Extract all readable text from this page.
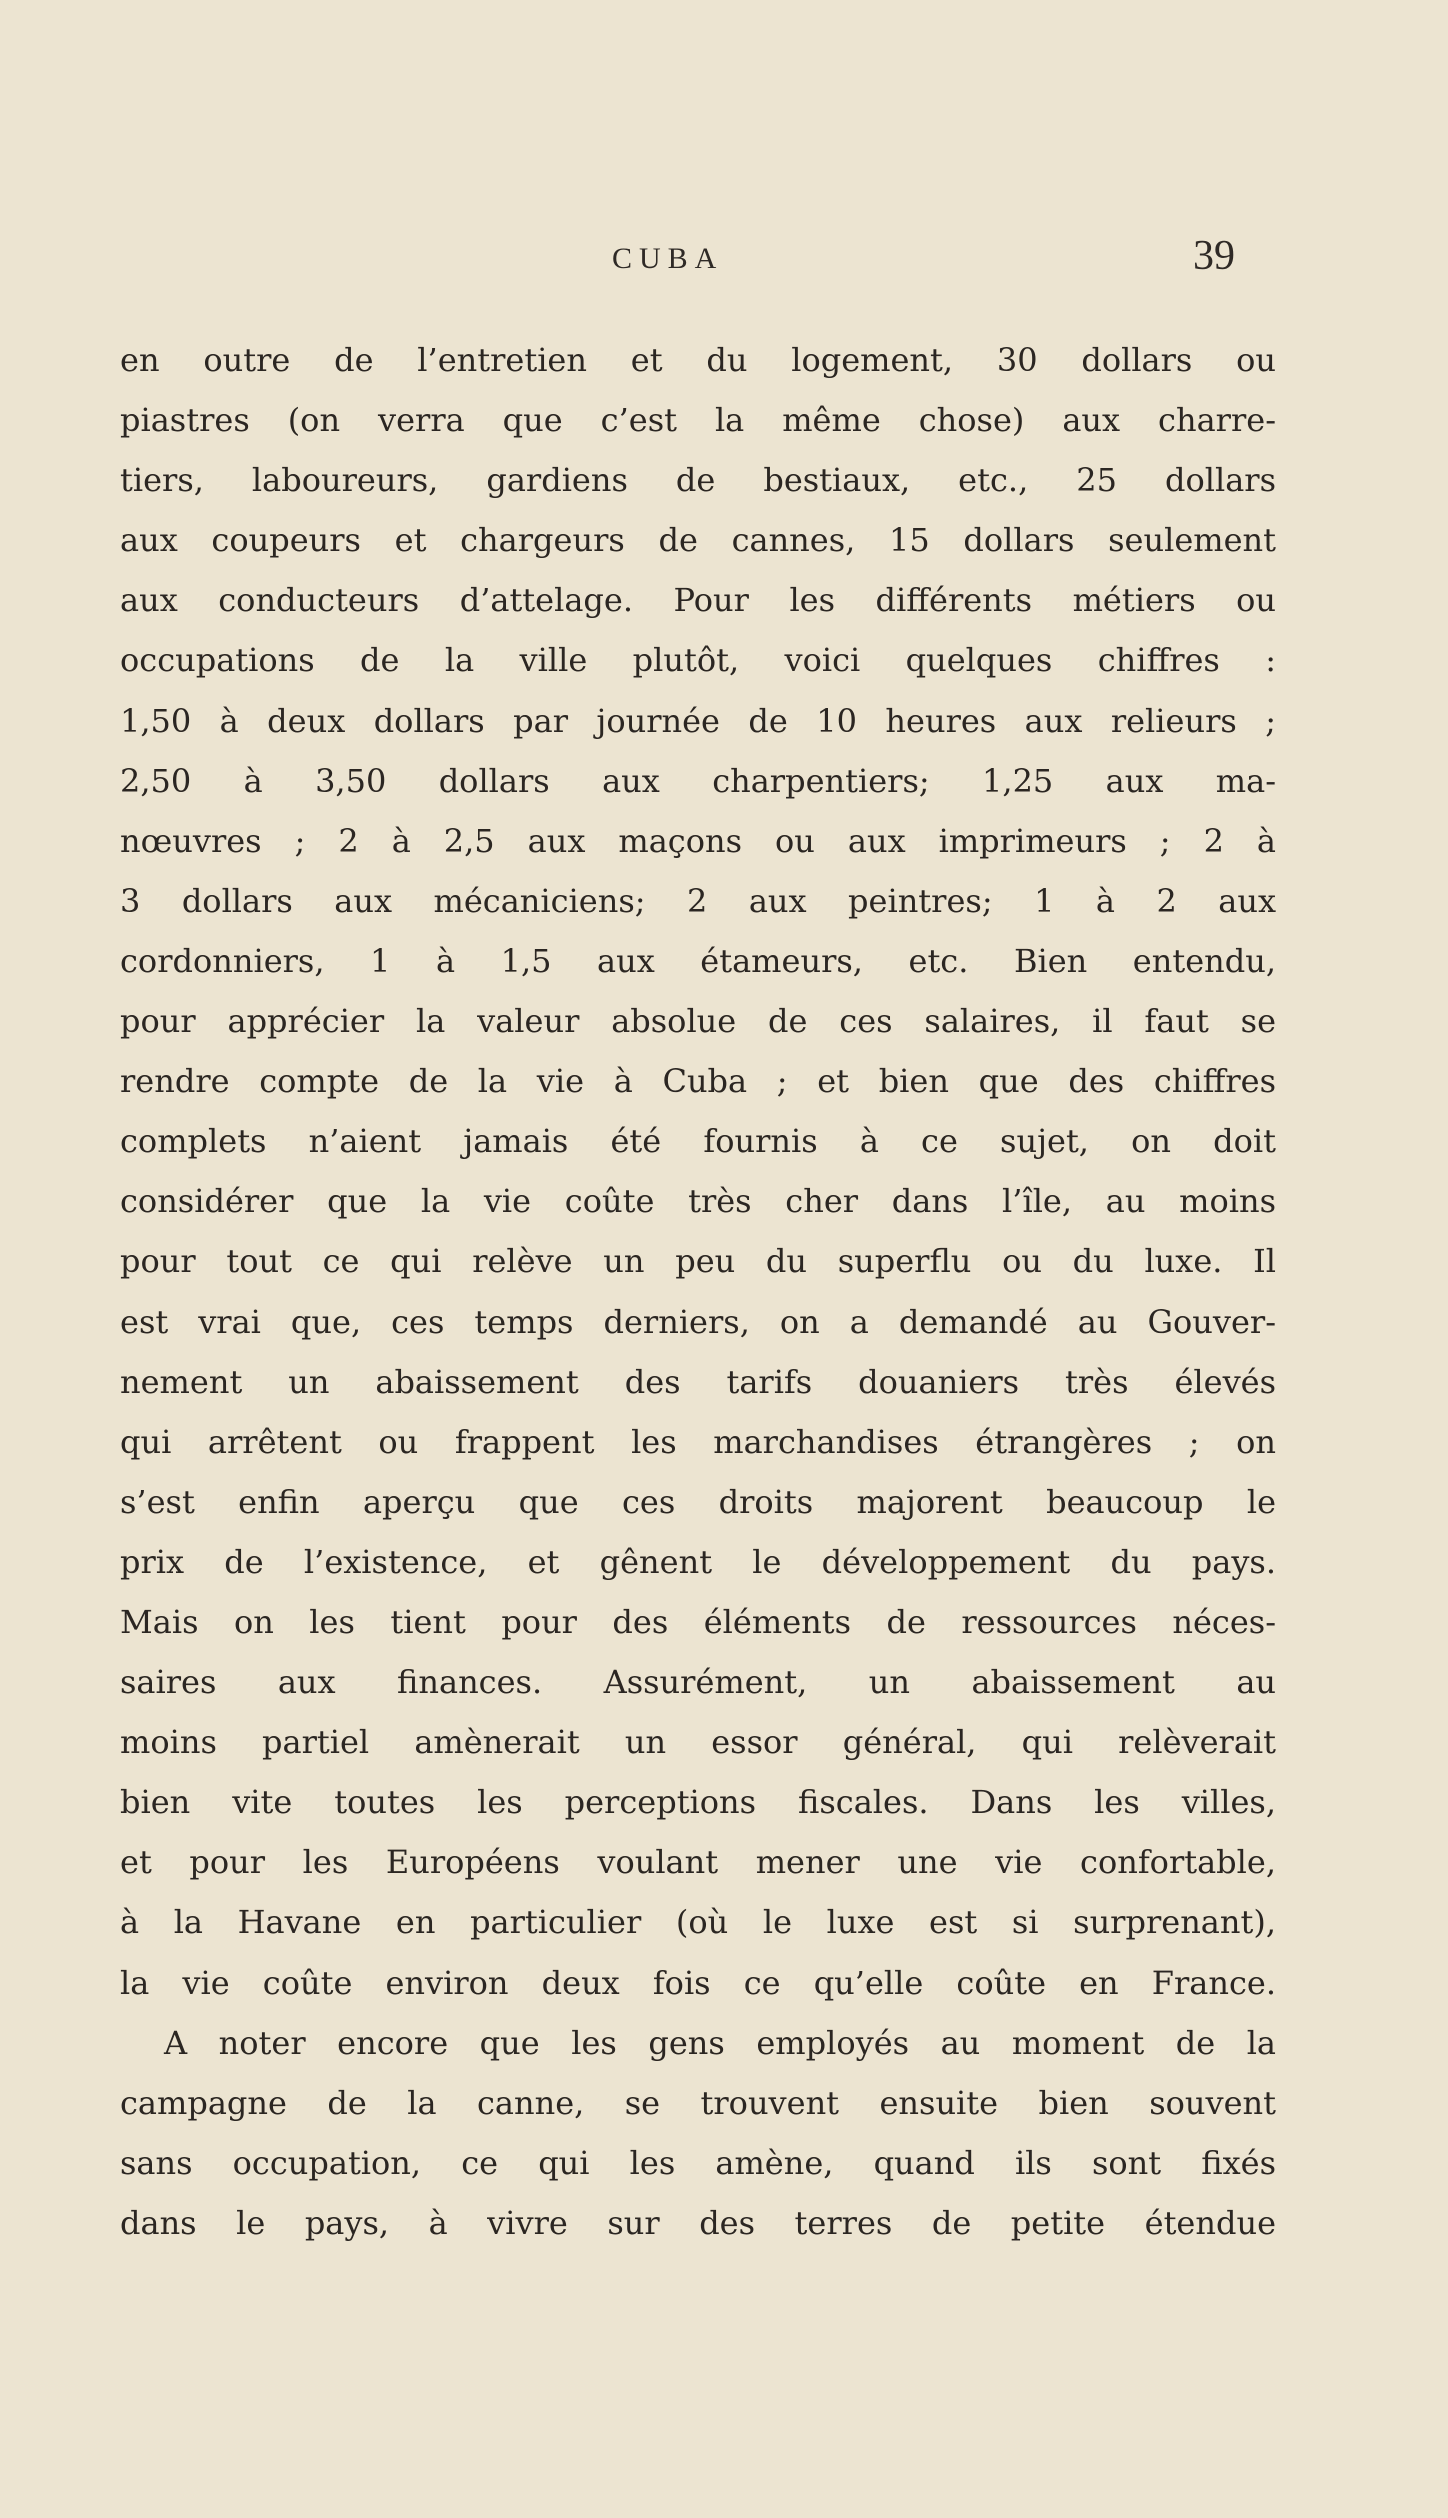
CUBA	39
en outre de l’entretien et du logement, 30 dollars ou
piastres (on verra que c’est la même chose) aux charre-
tiers, laboureurs, gardiens de bestiaux, etc., 25 dollars
aux coupeurs et chargeurs de cannes, 15 dollars seulement
aux conducteurs d’attelage. Pour les différents métiers ou
occupations de la ville plutôt, voici quelques chiffres :
1,50 à deux dollars par journée de 10 heures aux relieurs ;
2,50 à 3,50 dollars aux charpentiers; 1,25 aux ma-
nœuvres ; 2 à 2,5 aux maçons ou aux imprimeurs ; 2 à
3 dollars aux mécaniciens; 2 aux peintres; 1 à 2 aux
cordonniers, 1 à 1,5 aux étameurs, etc. Bien entendu,
pour apprécier la valeur absolue de ces salaires, il faut se
rendre compte de la vie à Cuba ; et bien que des chiffres
complets n’aient jamais été fournis à ce sujet, on doit
considérer que la vie coûte très cher dans l’île, au moins
pour tout ce qui relève un peu du superflu ou du luxe. Il
est vrai que, ces temps derniers, on a demandé au Gouver-
nement un abaissement des tarifs douaniers très élevés
qui arrêtent ou frappent les marchandises étrangères ; on
s’est enfin aperçu que ces droits majorent beaucoup le
prix de l’existence, et gênent le développement du pays.
Mais on les tient pour des éléments de ressources néces-
saires aux finances. Assurément, un abaissement au
moins partiel amènerait un essor général, qui relèverait
bien vite toutes les perceptions fiscales. Dans les villes,
et pour les Européens voulant mener une vie confortable,
à la Havane en particulier (où le luxe est si surprenant),
la vie coûte environ deux fois ce qu’elle coûte en France.
A noter encore que les gens employés au moment de la
campagne de la canne, se trouvent ensuite bien souvent
sans occupation, ce qui les amène, quand ils sont fixés
dans le pays, à vivre sur des terres de petite étendue
